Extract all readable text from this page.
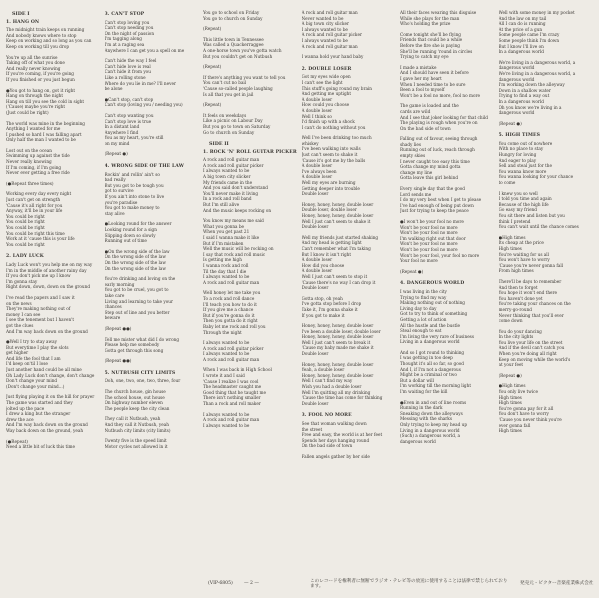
SIDE I
1. HANG ON
The midnight train keeps on running
And nobody knows where to stop
Keep on working and so long as you can
Keep on working till you drop
You're up all the sunrise
Taking off of what you done
And really never knowing
If you're coming, if you're going
If you finished or you just begun
●You got to hang on, got it right
Hang on through the night
Hang on till you see the cold in sight
('Cause) maybe you're right
(Just could be right)
The world was mine in the beginning
Anything I wanted for me
I pushed so hard I was falling apart
Only half the man I wanted to be
Lost out on the ocean
Swimming up against the tide
Never really knowing
If I'm coming, if I'm going
Never ever getting a free ride
(●Repeat three times)
Working every day every night
Just can't get on strength
'Cause it's all right for you
Anyway, it'll be in your life
You could be right
You could be right
You could be right
You could be right this time
Work at it 'cause this is your life
You could be right
2. LADY LUCK
Lady Luck won't you help me on my way
I'm in the middle of another rainy day
If you don't pick me up I know
I'm gonna stay
Right down, down, down on the ground
I've read the papers and I saw it
on the news
They're making nothing out of
money I can see
I see the tenement but I haven't
got the clues
And I'm way back down on the ground
●Well I try to stay away
But everytime I play the slots
get higher
And life the fool that I am
I'd keep on'til I lose
Just another hand could be all mine
Oh Lady Luck don't change, don't change
Don't change your mind
(Don't change your mind...)
Just flying playing it on the hill for prayer
The game was started and they
jolted up the pace
I drew a king but the stranger
drew the ace
And I'm way back down on the ground
Way back down on the ground, yeah
(●Repeat)
Need a little bit of luck this time
3. CAN'T STOP
Can't stop loving you
Can't stop needing you
On the night of passion
I'm tagging along
I'm at a raging sea
Anywhere I can get you a spell on me
Can't hide the way I feel
Can't hide love is real
Can't hide it from you
Like a rolling stone
Where do you lie in me? I'll never
be alone
●Can't stop, can't stop
Can't stop (loving you / needing you)
Can't stop wanting you
Can't stop love is true
In a distant land
Anywhere I find
You as my heart, you're still
on my mind
(Repeat ●)
4. WRONG SIDE OF THE LAW
Rockin' and rollin' ain't so
bad really
But you got to be tough you
got to survive
If you ain't into stone to live
you're paradise
You got to make money to
stay alive
●Looking round for the answer
Looking round for a sign
Slipping down so slowly
Running out of time
●On the wrong side of the law
On the wrong side of the law
On the wrong side of the law
On the wrong side of the law
You're drinking and loving on the
early morning
You got to be cruel, you got to
take care
Living and learning to take your
chances
Step out of line and you better
beware
(Repeat ●●)
Tell me mister what did I do wrong
Please help me somebody
Gotta get through this song
(Repeat ●●)
5. NUTBUSH CITY LIMITS
Ooh, one, two, one, two, three, four
The church house, gin house
The school house, out house
On highway number eleven
The people keep the city clean
They call it Nutbush, yeah
And they call it Nutbush, yeah
Nutbush city limits (city limits)
Twenty five is the speed limit
Motor cycles not allowed in it
You go to school on Friday
You go to church on Sunday
(Repeat)
This little town in Tennessee
Was called a Quackerraggee
A one-horse town you've gotta watch
But you couldn't get on Nutbush
(Repeat)
If there's anything you want to tell you
You can't cut no bail
'Cause so-called people laughing
Is all that you get in jail
(Repeat)
It feels on weekdays
Like a picnic on Labour Day
But you go to town on Saturday
Go to church on Sunday
SIDE II
1. ROCK 'N' ROLL GUITAR PICKER
A rock and roll guitar man
A rock and roll guitar picker
I always wanted to be
A big town city slicker
My friends came in the
And you said don't understand
You'll never make it living
In a rock and roll band
But I'm still alive
And the music keeps rocking on
You know my means me said
What you gonna be
When you get past 21
I said I wanna make it like
But if I'm mistaken
Well the music will be rocking on
I say that rock and roll music
Is getting me high
I wanna rock and roll
Til the day that I die
I always wanted to be
A rock and roll guitar man
Well honey let me take you
To a rock and roll dance
I'll teach you how to do it
If you give me a chance
But if you're gonna do it
Then you gotta do it right
Baby let me rock and roll you
Through the night
I always wanted to be
A rock and roll guitar picker
I always wanted to be
A rock and roll guitar man
When I was back in High School
I wrote it and I said
'Cause I realize I was cool
The headmaster caught me
Good thing that he taught me
There isn't nothing smaller
Than a rock and roll maker
I always wanted to be
A rock and roll guitar man
I always wanted to be
A rock and roll guitar man
Never wanted to be
A big town city slicker
I always wanted to be
A rock and roll guitar picker
I always wanted to be
A rock and roll guitar man
I wanna hold your hand baby
2. DOUBLE LOSER
Got my eyes wide open
I can't see the light
This stuff's going round my brain
And getting me uptight
A double loser
How could you choose
A double loser
Well I think so
I'd finish up with a shock
I can't do nothing without you
Well I've been drinking too much
whiskey
I've been walking into walls
Just can't seem to shake it
'Cause it's got me by the balls
A double loser
I've always been
A double loser
Well my eyes are burning
Getting deeper into trouble
Double loser
Honey, honey, honey, double loser
Double loser, double loser
Honey, honey, honey, double loser
Well I just can't seem to shake it
Double loser
Well my friends just started shaking
And my head is getting light
Can't remember what I'm taking
But I know it isn't right
A double loser
How did you choose
A double loser
Well I just can't seem to stop it
'Cause there's no way I can drop it
Double loser
Gotta stop, oh yeah
I've gotta stop before I drop
Take it, I'm gonna shake it
If you got to make it
Honey, honey, honey, double loser
I've been a double loser, double loser
Honey, honey, honey, double loser
Well I just can't seem to break it
'Cause my baby made me shake it
Double loser
Honey, honey, honey, double loser
Yeah, a double loser
Honey, honey, honey, double loser
Well I can't find my way
Wish you had a double loser
Well I'm quitting all my drinking
'Cause the time has come for thinking
Double loser
3. FOOL NO MORE
See that woman walking down
the street
Free and easy, the world is at her feet
Spends her days hanging round
On the bad side of town
Fallen angels gather by her side
All their faces wearing this disguise
While she plays for the man
Who's holding the prize
Come tonight she'll be flying
Friends that could be a while
Before the fire she is paying
She'll be running 'round in circles
Trying to catch my eye
I made a mistake
And I should have seen it before
I gave her my heart
When I needed time to be sure
Been a fool to myself
Won't be a fool no more, fool no more
The game is loaded and the
cards are wild
And I see that joker looking for that child
The playing is rough when you're on
On the bad side of town
Falling out of favour, seeing through
shady lies
Running out of luck, reach through
empty skies
I never caught too easy this time
Gotta change my mind gotta
change my line
Gotta leave this girl behind
Every single day that the good
Lord sends me
I do my very best when I get to please
I've had enough of being put down
Just for trying to keep the peace
●I won't be your fool no more
Won't be your fool no more
Won't be your fool no more
I'm walking right out that door
Won't be your fool no more
Won't be your fool no more
Won't be your fool, your fool no more
Your fool no more
(Repeat ●)
4. DANGEROUS WORLD
I was living in the city
Trying to find my way
Making nothing out of nothing
Living day to day
Got to try to think of something
Getting a lot of action
All the hustle and the bustle
Steal enough to eat
I'm living the very rare of business
Living in a dangerous world
And so I got round to thinking
I was getting in too deep
Thought it's all so far, so good
And I, if I'm not a dangerous
Might be a criminal or two
But a dollar will
I'm working till the morning light
I'm waiting for the kill
●Even in and out of line rooms
Running in the dark
Sneaking down the alleyways
Messing with the sharks
Only trying to keep my head up
Living in a dangerous world
(Such) a dangerous world, a
dangerous world
Well with some money in my pocket
And the law on my tail
All I can do is running
At the price of a gun
Some people came I'm crazy
Some people think I'm down
But I know I'll live on
In a dangerous world
We're living in a dangerous world, a
dangerous world
We're living in a dangerous world, a
dangerous world
I'm working down the alleyway
Down in a shallow water
Trying to find a way out
In a dangerous world
Oh you know we're living in a
dangerous world
(Repeat ●)
5. HIGH TIMES
You come out of nowhere
With no place to stay
Hungry for loving
And eager to play
Sell and steal just for the
You wanna know more
You wanna looking for your chance
to come
I knew you so well
I told you time and again
Because of the high life
Go easy my friend
You sit there and listen but you
think I pretend
You can't wait until the chance comes
●High times
Its cheap at the price
High times
You're waiting for us all
You won't have to worry
'Cause you're never gonna fall
From high times
There'll be days to remember
And then to forget
You hope it won't end there
You haven't done yet
You're taking your chances on the
merry-go-round
Never thinking that you'll ever
come down
You do your dancing
In the city lights
You live your life on the street
And if the devil can't catch you
When you're doing all right
Keep on moving while the world's
at your feet
(Repeat ●)
●High times
You only live twice
High times
High times
You're gonna pay for it all
You don't have to worry
'Cause you never think you're
ever gonna fall
High times
(VIP-6805) — 2 —	このレコードを権利者に無断でラジオ・テレビ等の放送に使用することは法律で禁じられております。
発売元・ビクター音楽産業株式会社
